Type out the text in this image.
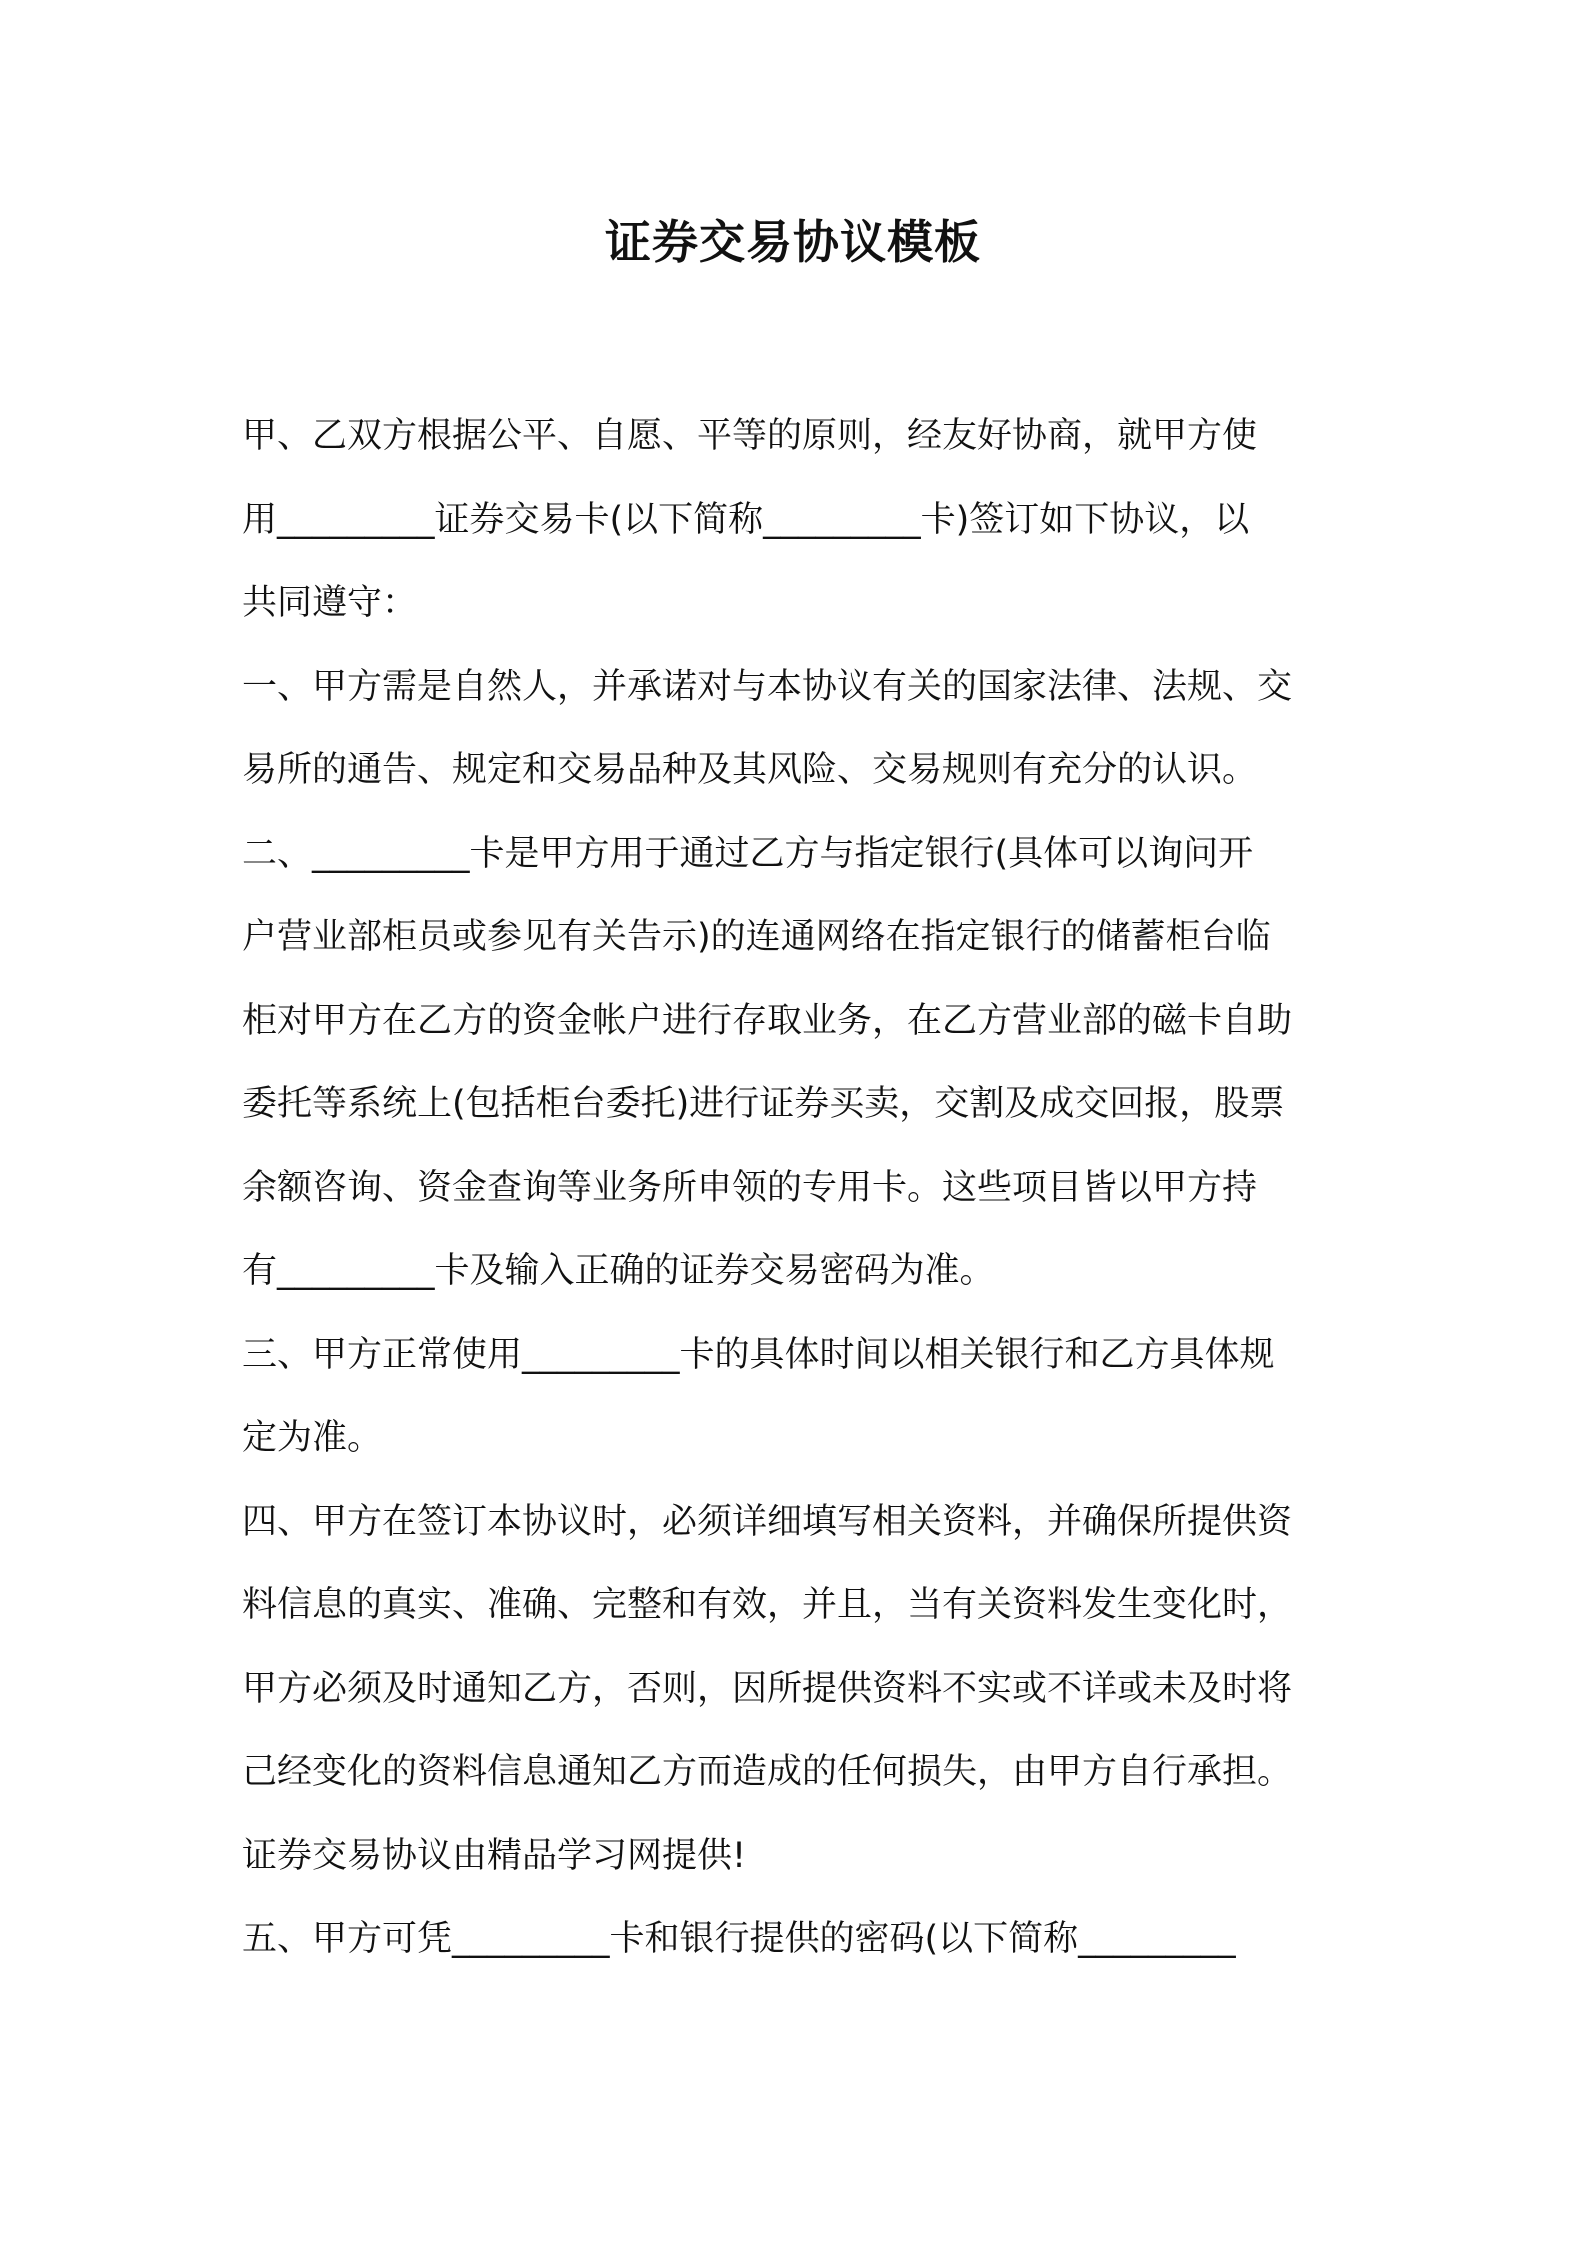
证券交易协议模板
甲、乙双方根据公平、自愿、平等的原则，经友好协商，就甲方使
用_________证券交易卡(以下简称_________卡)签订如下协议，以
共同遵守：
一、甲方需是自然人，并承诺对与本协议有关的国家法律、法规、交
易所的通告、规定和交易品种及其风险、交易规则有充分的认识。
二、_________卡是甲方用于通过乙方与指定银行(具体可以询问开
户营业部柜员或参见有关告示)的连通网络在指定银行的储蓄柜台临
柜对甲方在乙方的资金帐户进行存取业务，在乙方营业部的磁卡自助
委托等系统上(包括柜台委托)进行证券买卖，交割及成交回报，股票
余额咨询、资金查询等业务所申领的专用卡。这些项目皆以甲方持
有_________卡及输入正确的证券交易密码为准。
三、甲方正常使用_________卡的具体时间以相关银行和乙方具体规
定为准。
四、甲方在签订本协议时，必须详细填写相关资料，并确保所提供资
料信息的真实、准确、完整和有效，并且，当有关资料发生变化时，
甲方必须及时通知乙方，否则，因所提供资料不实或不详或未及时将
己经变化的资料信息通知乙方而造成的任何损失，由甲方自行承担。
证券交易协议由精品学习网提供!
五、甲方可凭_________卡和银行提供的密码(以下简称_________
